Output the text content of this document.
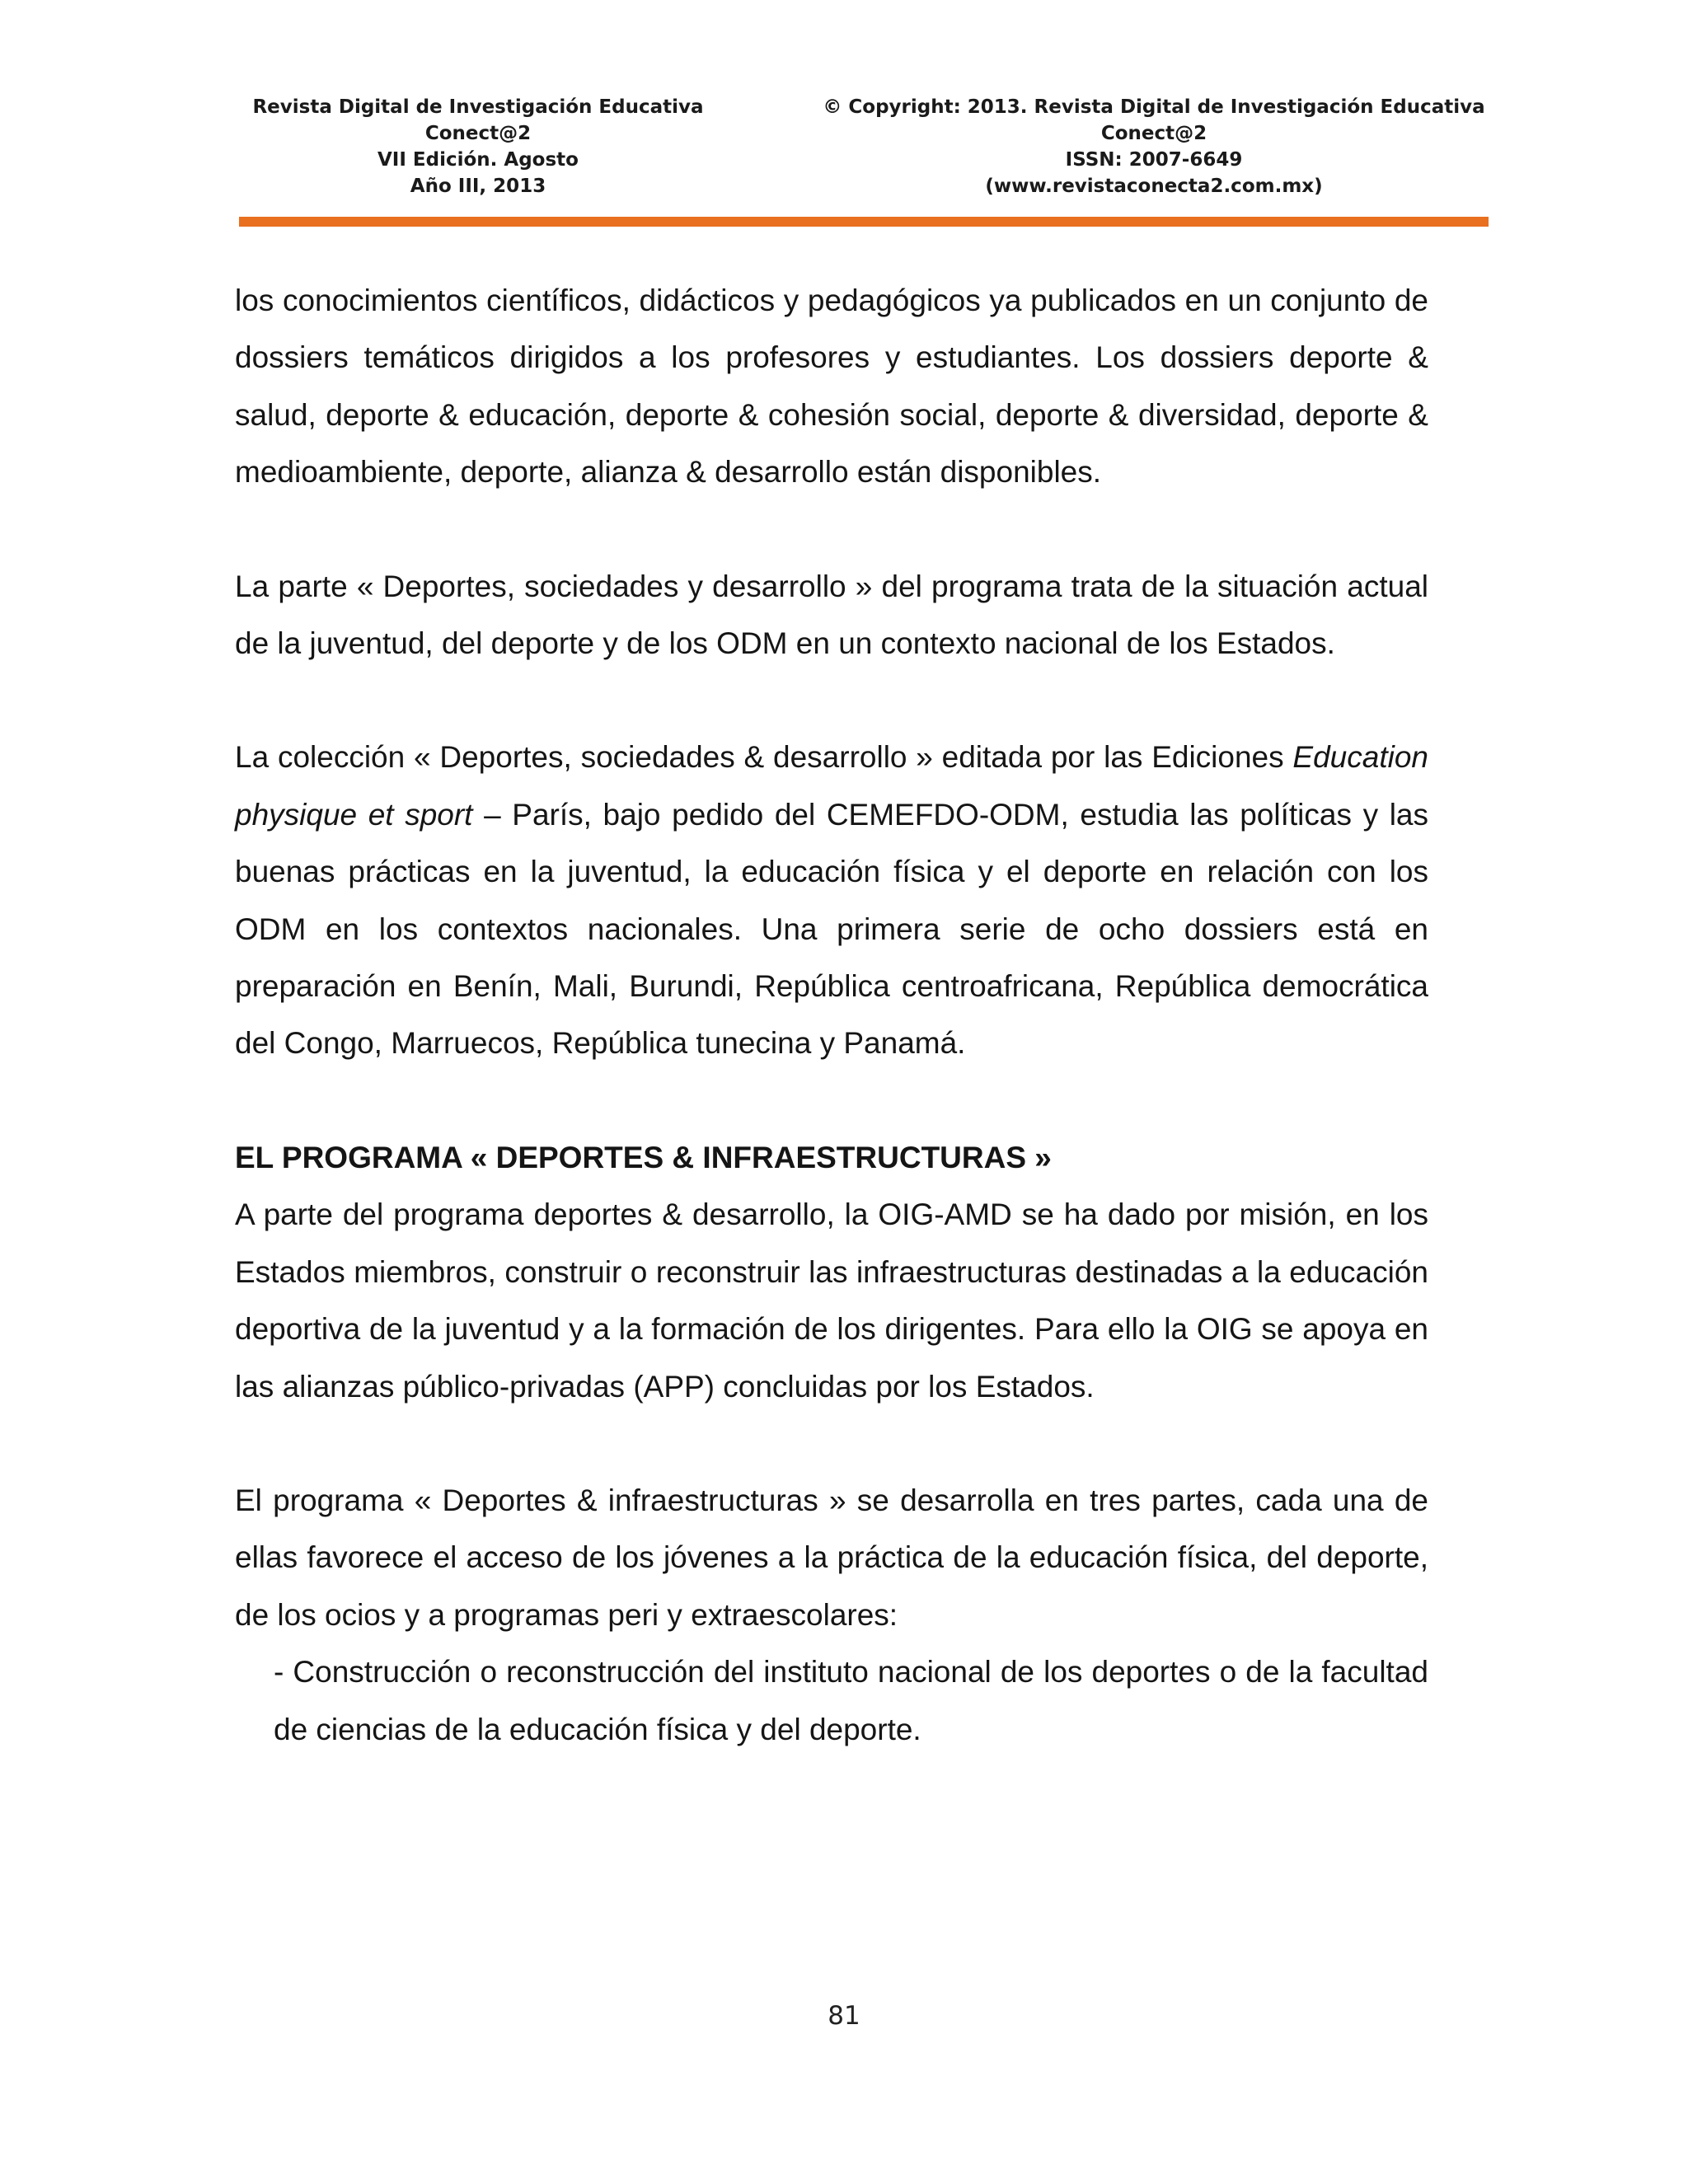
Revista Digital de Investigación Educativa
Conect@2
VII Edición. Agosto
Año III, 2013
© Copyright: 2013. Revista Digital de Investigación Educativa
Conect@2
ISSN: 2007-6649
(www.revistaconecta2.com.mx)

los conocimientos científicos, didácticos y pedagógicos ya publicados en un conjunto de dossiers temáticos dirigidos a los profesores y estudiantes. Los dossiers deporte & salud, deporte & educación, deporte & cohesión social, deporte & diversidad, deporte & medioambiente, deporte, alianza & desarrollo están disponibles.

La parte « Deportes, sociedades y desarrollo » del programa trata de la situación actual de la juventud, del deporte y de los ODM en un contexto nacional de los Estados.

La colección « Deportes, sociedades & desarrollo » editada por las Ediciones Education physique et sport – París, bajo pedido del CEMEFDO-ODM, estudia las políticas y las buenas prácticas en la juventud, la educación física y el deporte en relación con los ODM en los contextos nacionales. Una primera serie de ocho dossiers está en preparación en Benín, Mali, Burundi, República centroafricana, República democrática del Congo, Marruecos, República tunecina y Panamá.

EL PROGRAMA « DEPORTES & INFRAESTRUCTURAS »

A parte del programa deportes & desarrollo, la OIG-AMD se ha dado por misión, en los Estados miembros, construir o reconstruir las infraestructuras destinadas a la educación deportiva de la juventud y a la formación de los dirigentes. Para ello la OIG se apoya en las alianzas público-privadas (APP) concluidas por los Estados.

El programa « Deportes & infraestructuras » se desarrolla en tres partes, cada una de ellas favorece el acceso de los jóvenes a la práctica de la educación física, del deporte, de los ocios y a programas peri y extraescolares:

- Construcción o reconstrucción del instituto nacional de los deportes o de la facultad de ciencias de la educación física y del deporte.

81
